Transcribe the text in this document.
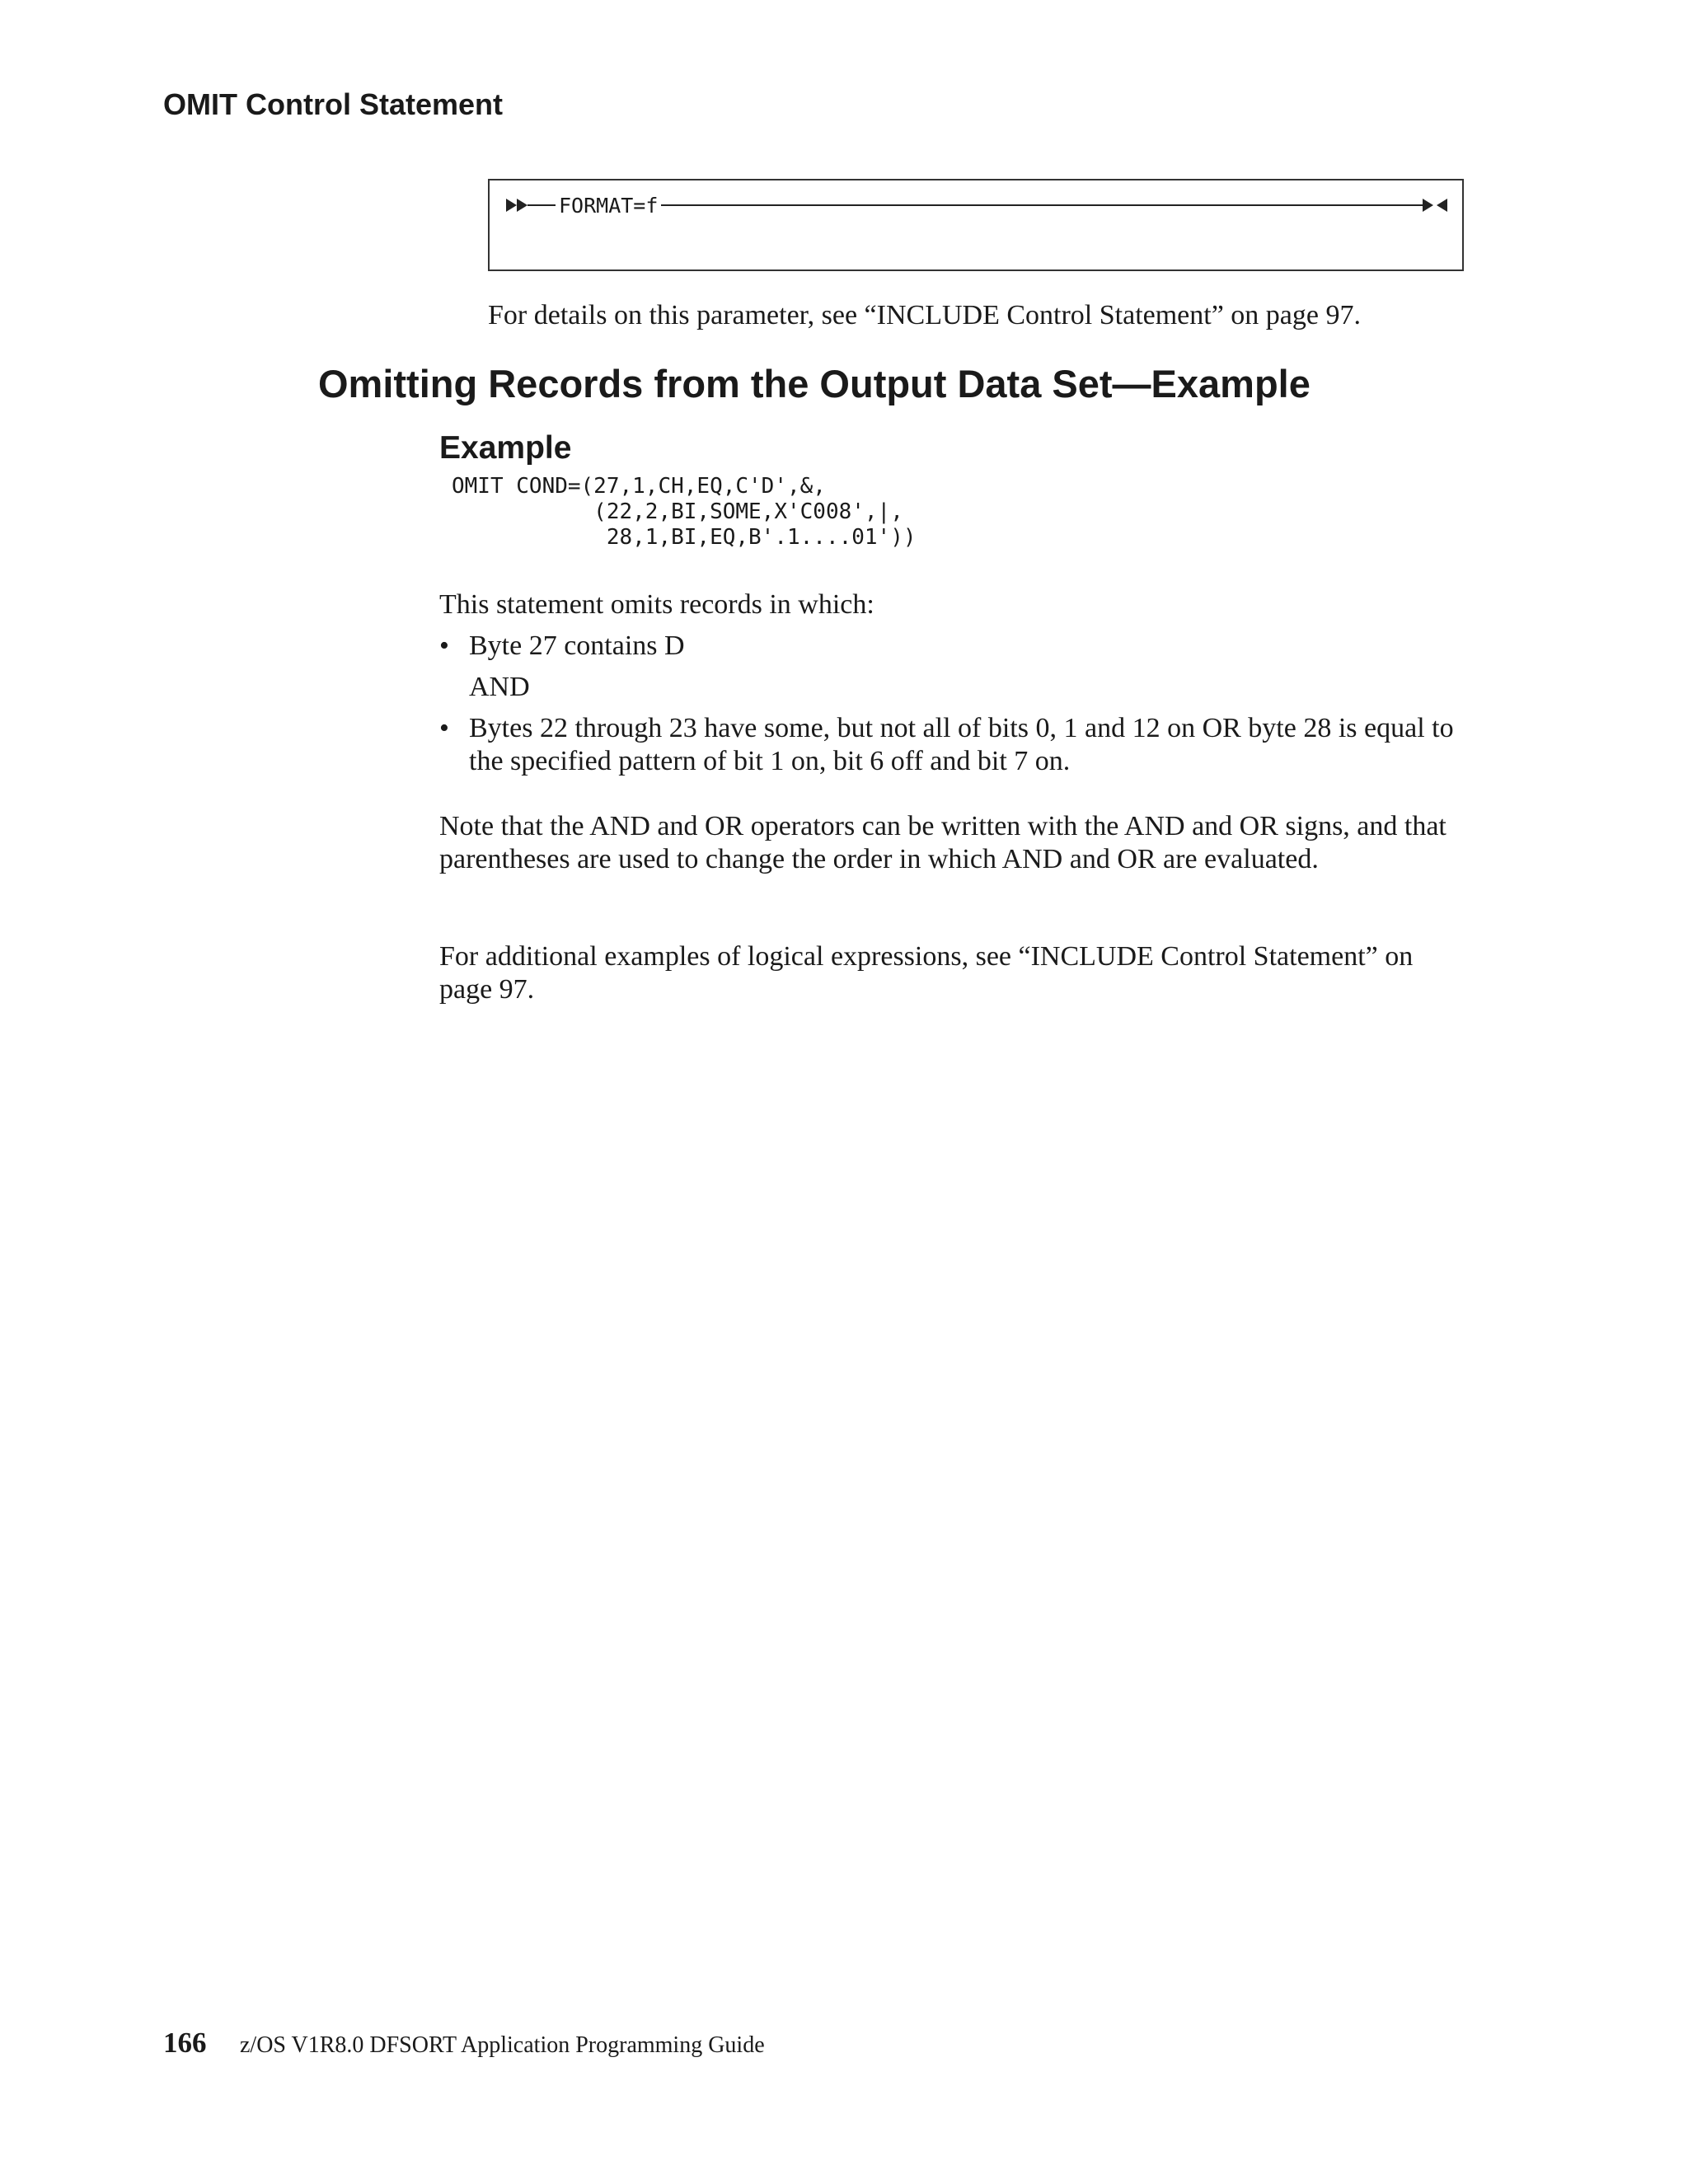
OMIT Control Statement
FORMAT=f

For details on this parameter, see “INCLUDE Control Statement” on page 97.

Omitting Records from the Output Data Set—Example
Example
OMIT COND=(27,1,CH,EQ,C'D',&,
(22,2,BI,SOME,X'C008',|,
28,1,BI,EQ,B'.1....01'))

This statement omits records in which:

• Byte 27 contains D

AND

• Bytes 22 through 23 have some, but not all of bits 0, 1 and 12 on OR byte 28 is equal to the specified pattern of bit 1 on, bit 6 off and bit 7 on.

Note that the AND and OR operators can be written with the AND and OR signs, and that parentheses are used to change the order in which AND and OR are evaluated.

For additional examples of logical expressions, see “INCLUDE Control Statement” on page 97.

166 z/OS V1R8.0 DFSORT Application Programming Guide
